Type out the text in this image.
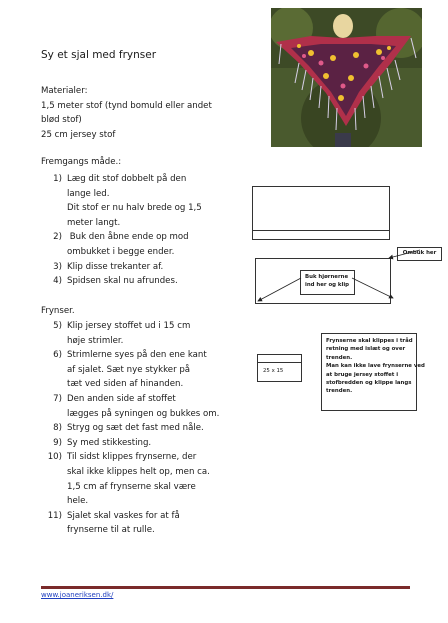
Sy et sjal med frynser
Materialer:
1,5 meter stof (tynd bomuld eller andet
blød stof)
25 cm jersey stof
Fremgangs måde.:
1) Læg dit stof dobbelt på den
lange led.
Dit stof er nu halv brede og 1,5
meter langt.
2) Buk den åbne ende op mod
ombukket i begge ender.
3) Klip disse trekanter af.
4) Spidsen skal nu afrundes.
Frynser.
5) Klip jersey stoffet ud i 15 cm
høje strimler.
6) Strimlerne syes på den ene kant
af sjalet. Sæt nye stykker på
tæt ved siden af hinanden.
7) Den anden side af stoffet
lægges på syningen og bukkes om.
8) Stryg og sæt det fast med nåle.
9) Sy med stikkesting.
10) Til sidst klippes frynserne, der
skal ikke klippes helt op, men ca.
1,5 cm af frynserne skal være
hele.
11) Sjalet skal vaskes for at få
frynserne til at rulle.
Ombuk her
Buk hjørnerne
ind her og klip
25 x 15
Frynserne skal klippes i tråd
retning med islæt og over
trenden.
Man kan ikke lave frynserne ved
at bruge jersey stoffet i
stofbredden og klippe langs
trenden.
www.joaneriksen.dk/
